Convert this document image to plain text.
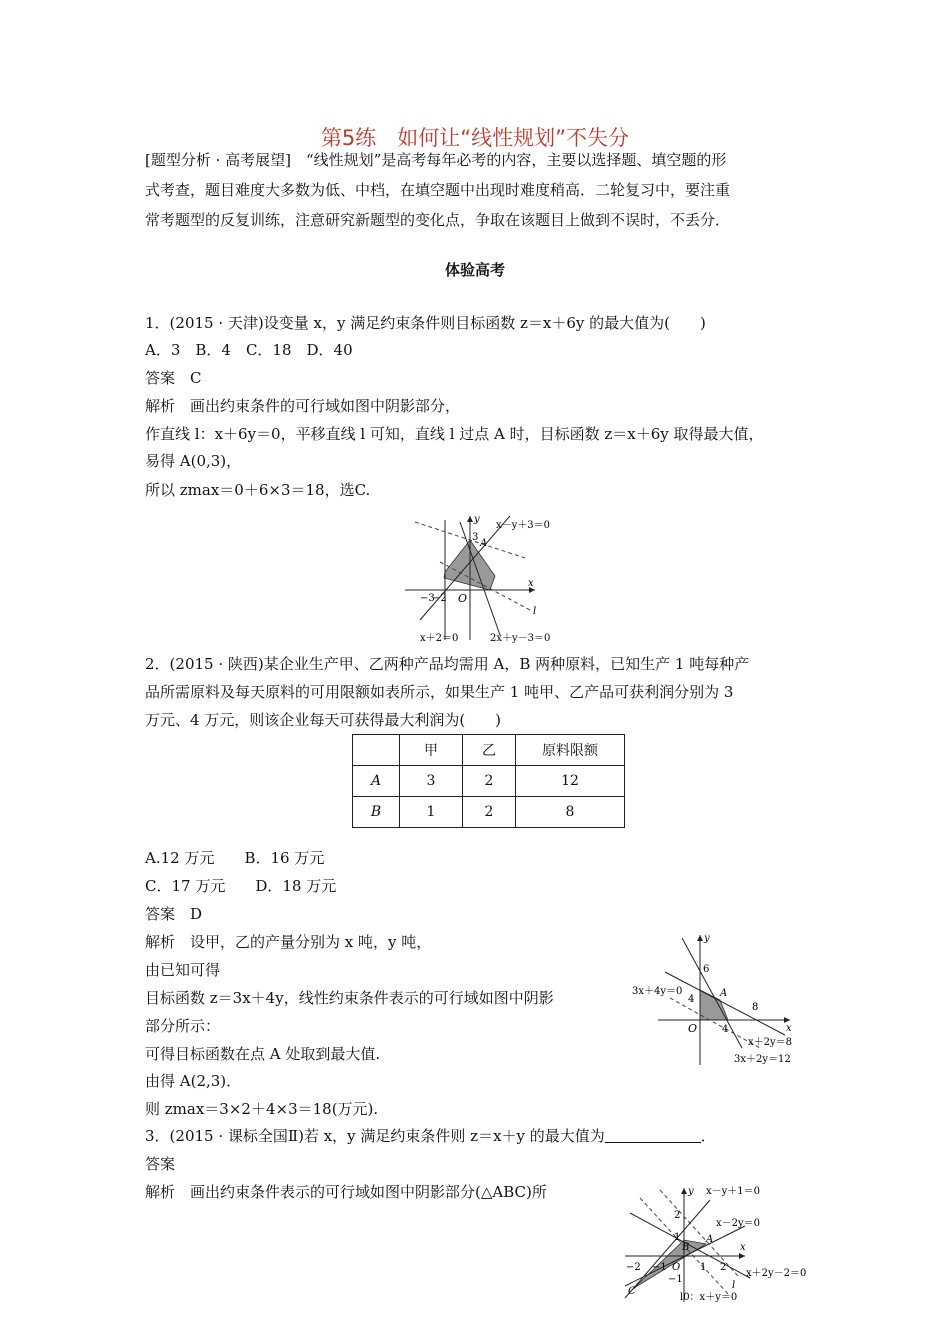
第5练　如何让“线性规划”不失分
[题型分析 · 高考展望]　“线性规划”是高考每年必考的内容，主要以选择题、填空题的形
式考查，题目难度大多数为低、中档，在填空题中出现时难度稍高．二轮复习中，要注重
常考题型的反复训练，注意研究新题型的变化点，争取在该题目上做到不误时，不丢分．
体验高考
1．(2015 · 天津)设变量 x，y 满足约束条件则目标函数 z＝x＋6y 的最大值为(　　)
A．3　B．4　C．18　D．40
答案　C
解析　画出约束条件的可行域如图中阴影部分，
作直线 l：x＋6y＝0，平移直线 l 可知，直线 l 过点 A 时，目标函数 z＝x＋6y 取得最大值，
易得 A(0,3)，
所以 zmax＝0＋6×3＝18，选C.
x－y＋3＝0
A
3
y
x
O
−3
−2
l
x＋2＝0	2x＋y－3＝0
2．(2015 · 陕西)某企业生产甲、乙两种产品均需用 A，B 两种原料，已知生产 1 吨每种产
品所需原料及每天原料的可用限额如表所示，如果生产 1 吨甲、乙产品可获利润分别为 3
万元、4 万元，则该企业每天可获得最大利润为(　　)
	甲	乙	原料限额
A	3	2	12
B	1	2	8
A.12 万元　　B．16 万元
C．17 万元　　D．18 万元
答案　D
解析　设甲，乙的产量分别为 x 吨，y 吨，
由已知可得
目标函数 z＝3x＋4y，线性约束条件表示的可行域如图中阴影
部分所示：
可得目标函数在点 A 处取到最大值.
由得 A(2,3)．
则 zmax＝3×2＋4×3＝18(万元).
y
6
3x＋4y＝0
4
A
8
x
O 4
x＋2y＝8
3x＋2y＝12
3．(2015 · 课标全国Ⅱ)若 x，y 满足约束条件则 z＝x＋y 的最大值为	．
答案
解析　画出约束条件表示的可行域如图中阴影部分(△ABC)所	x－y＋1＝0
y
2
x－2y＝0
1
B
A
x
−2 −1 O 1 2
−1
x＋2y－2＝0
C
l
l0：x＋y＝0
